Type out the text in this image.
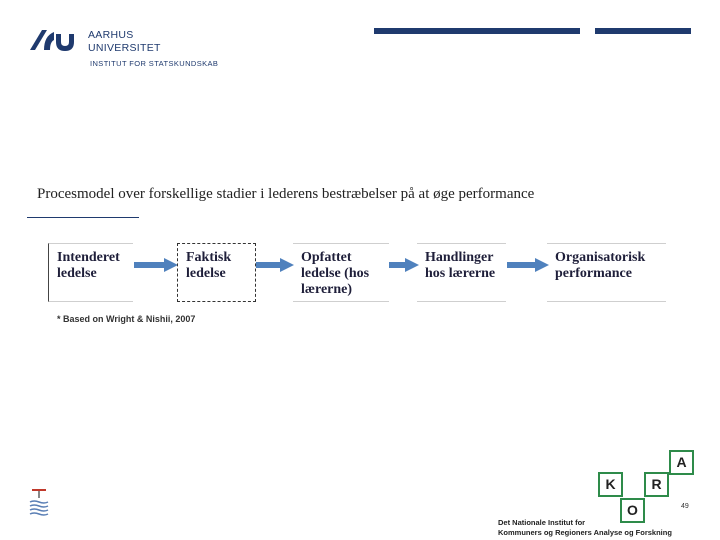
AARHUS
UNIVERSITET
INSTITUT FOR STATSKUNDSKAB
Procesmodel over forskellige stadier i lederens bestræbelser på at øge performance
Intenderet
ledelse
Faktisk
ledelse
Opfattet
ledelse (hos
lærerne)
Handlinger
hos lærerne
Organisatorisk
performance
* Based on Wright & Nishii, 2007
K
O
R
A
49
Det Nationale Institut for
Kommuners og Regioners Analyse og Forskning
